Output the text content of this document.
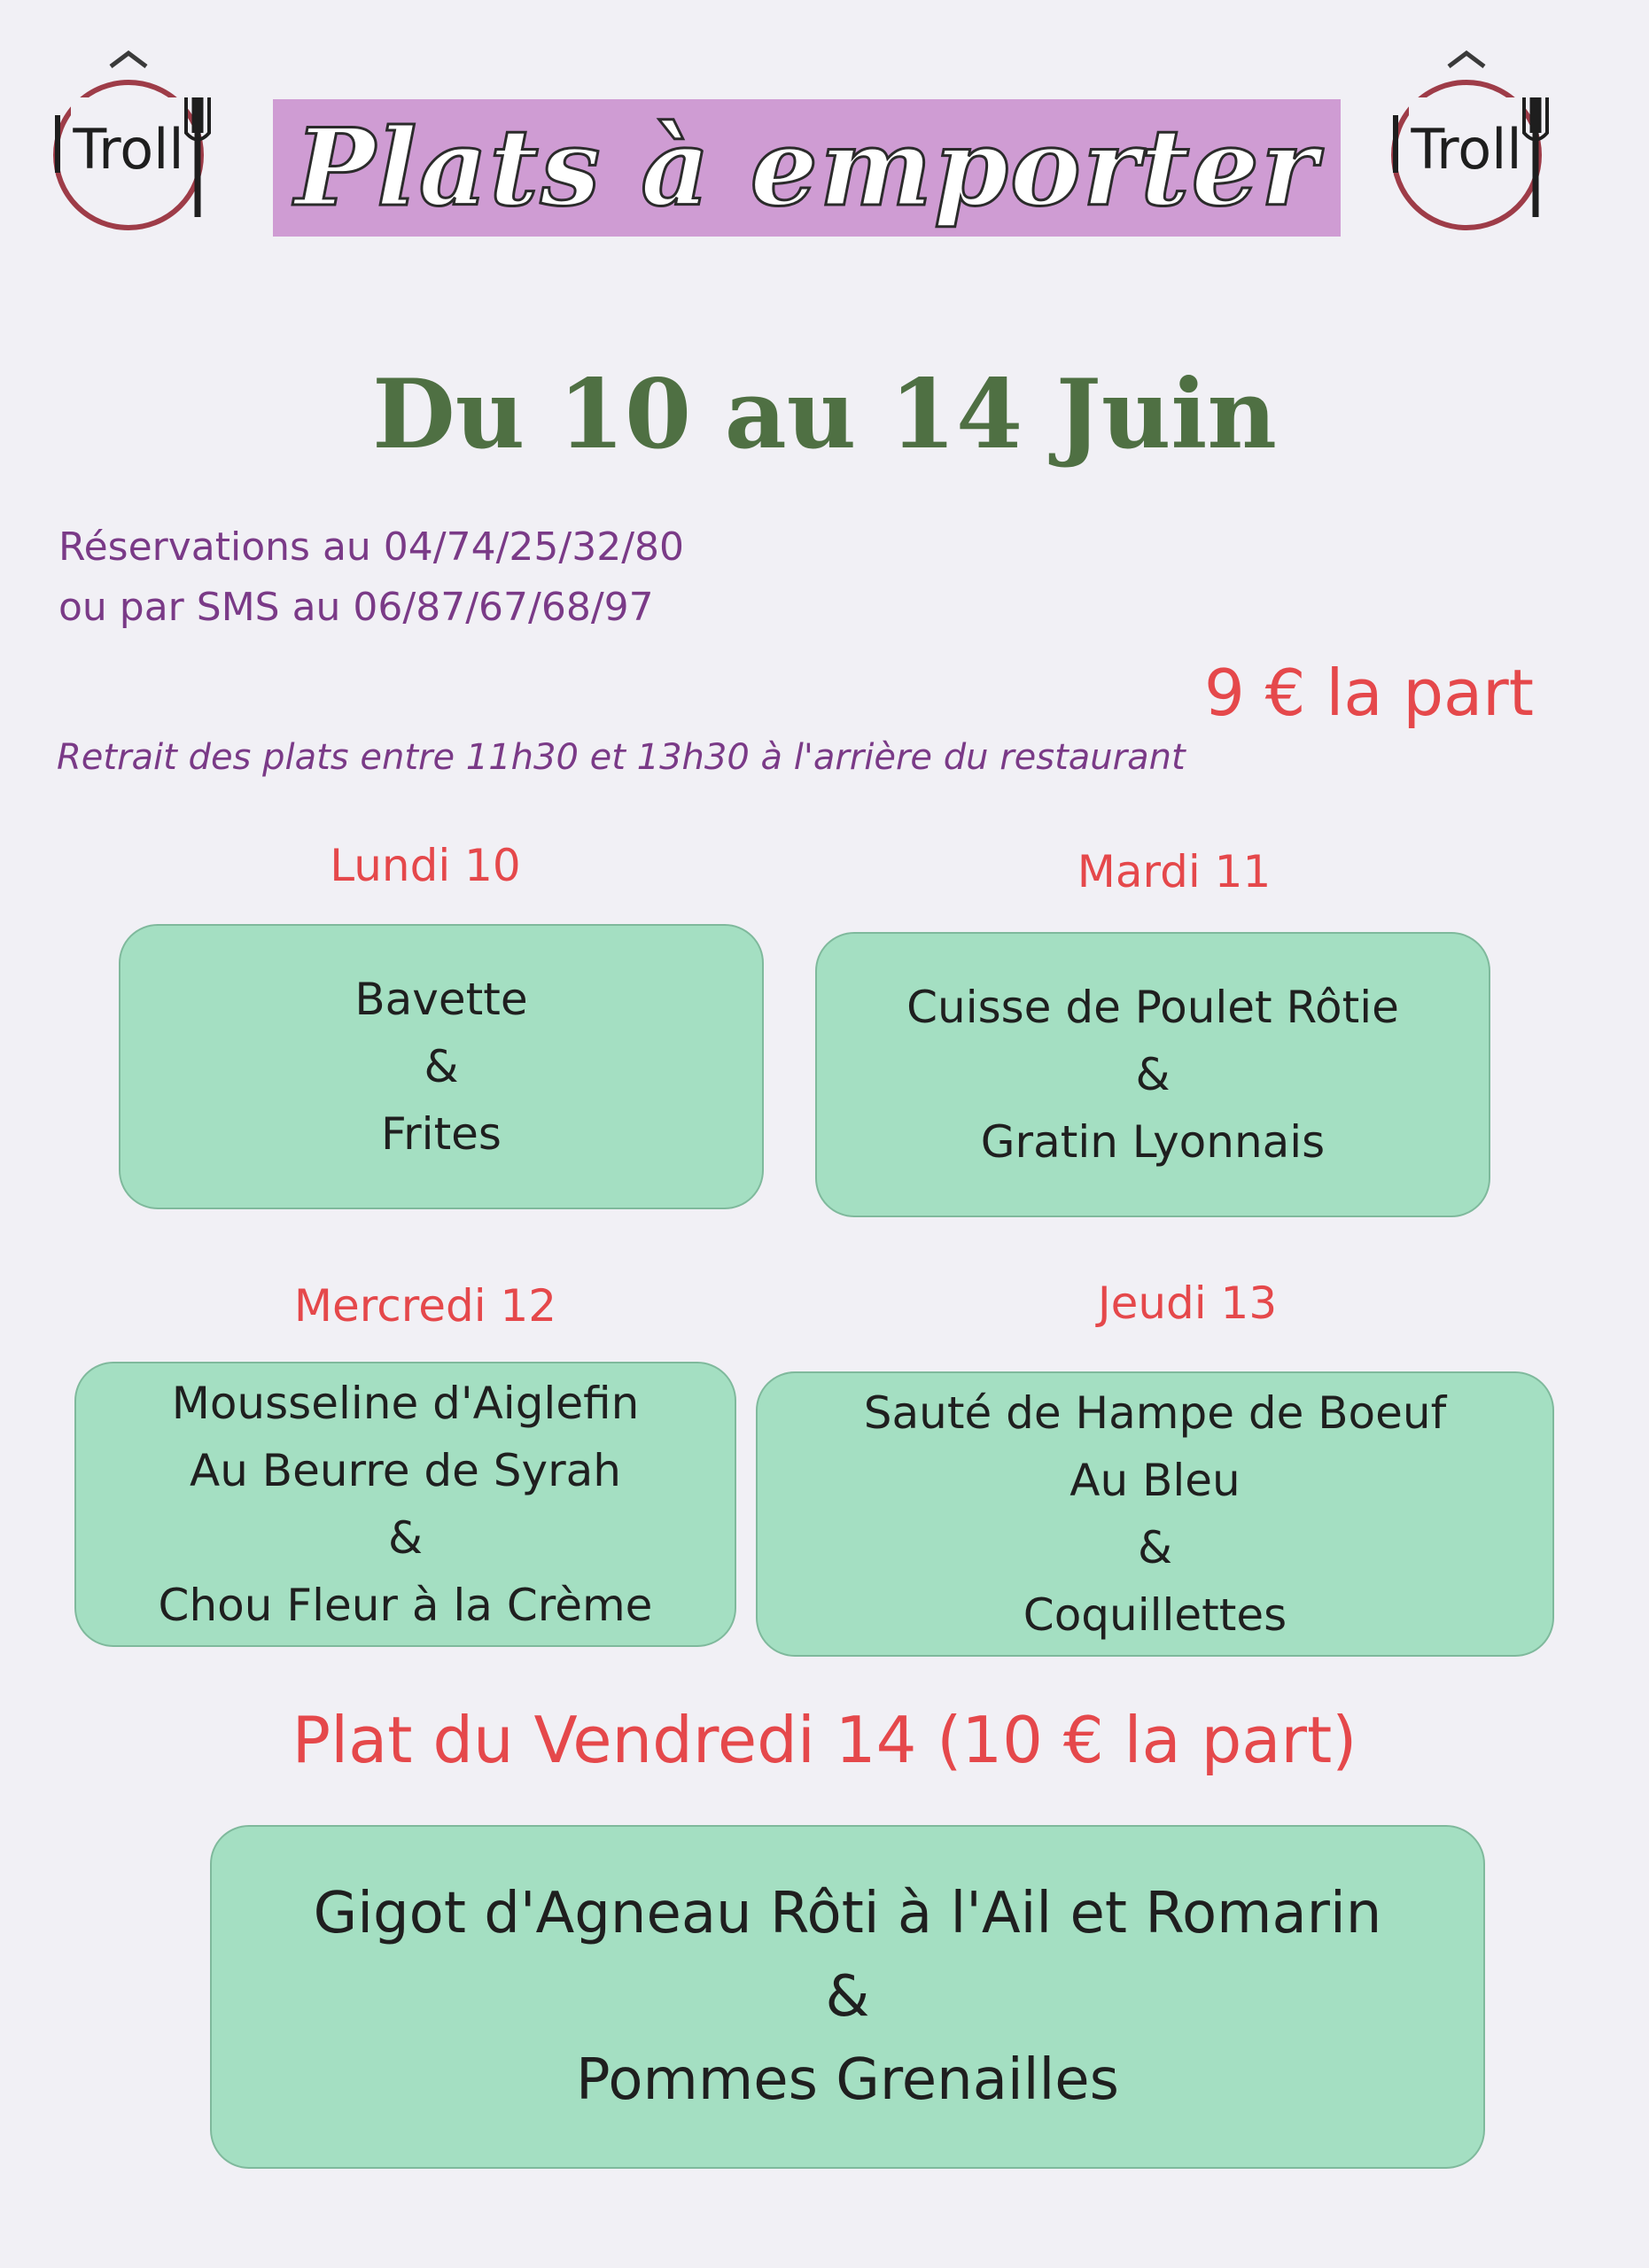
Troll Plats à emporter Troll
Du 10 au 14 Juin
Réservations au 04/74/25/32/80
ou par SMS au 06/87/67/68/97
9 € la part
Retrait des plats entre 11h30 et 13h30 à l'arrière du restaurant
Lundi 10
Bavette
&
Frites
Mardi 11
Cuisse de Poulet Rôtie
&
Gratin Lyonnais
Mercredi 12
Mousseline d'Aiglefin
Au Beurre de Syrah
&
Chou Fleur à la Crème
Jeudi 13
Sauté de Hampe de Boeuf
Au Bleu
&
Coquillettes
Plat du Vendredi 14 (10 € la part)
Gigot d'Agneau Rôti à l'Ail et Romarin
&
Pommes Grenailles
